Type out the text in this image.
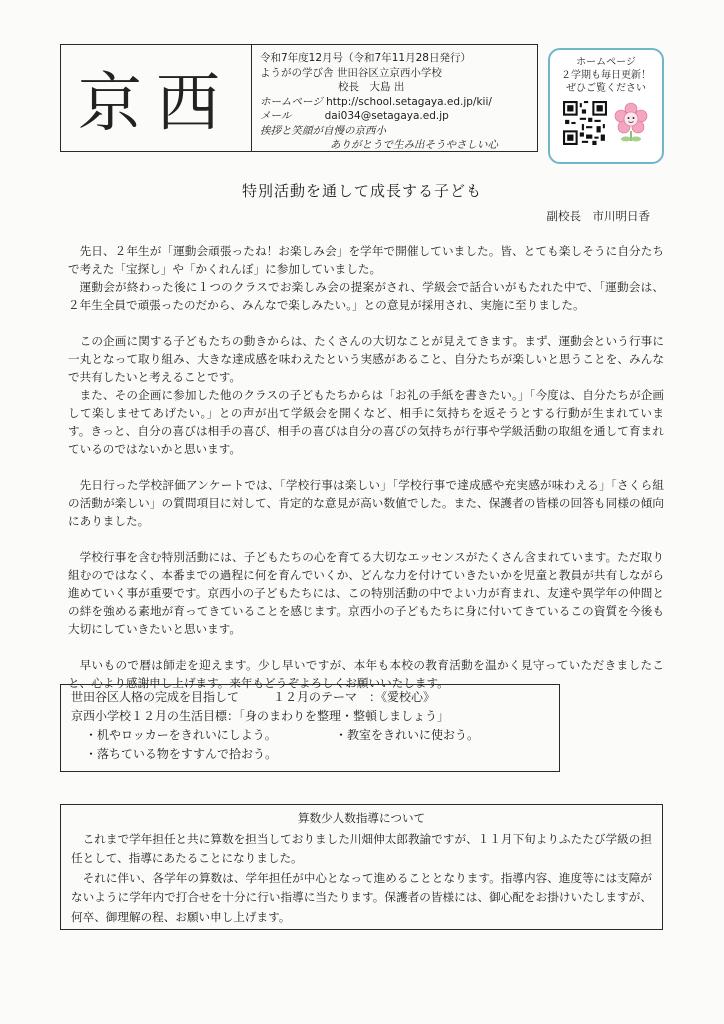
京西
令和7年度12月号（令和7年11月28日発行）
ようがの学び舎 世田谷区立京西小学校
校長　大島 出
ホームページ http://school.setagaya.ed.jp/kii/
メール	dai034@setagaya.ed.jp
挨拶と笑顔が自慢の京西小
ありがとうで生み出そうやさしい心
ホームページ
２学期も毎日更新！
ぜひご覧ください
特別活動を通して成長する子ども
副校長　市川明日香

先日、２年生が「運動会頑張ったね！お楽しみ会」を学年で開催していました。皆、とても楽しそうに自分たちで考えた「宝探し」や「かくれんぼ」に参加していました。

運動会が終わった後に１つのクラスでお楽しみ会の提案がされ、学級会で話合いがもたれた中で、「運動会は、２年生全員で頑張ったのだから、みんなで楽しみたい。」との意見が採用され、実施に至りました。

この企画に関する子どもたちの動きからは、たくさんの大切なことが見えてきます。まず、運動会という行事に一丸となって取り組み、大きな達成感を味わえたという実感があること、自分たちが楽しいと思うことを、みんなで共有したいと考えることです。

また、その企画に参加した他のクラスの子どもたちからは「お礼の手紙を書きたい。」「今度は、自分たちが企画して楽しませてあげたい。」との声が出て学級会を開くなど、相手に気持ちを返そうとする行動が生まれています。きっと、自分の喜びは相手の喜び、相手の喜びは自分の喜びの気持ちが行事や学級活動の取組を通して育まれているのではないかと思います。

先日行った学校評価アンケートでは、「学校行事は楽しい」「学校行事で達成感や充実感が味わえる」「さくら組の活動が楽しい」の質問項目に対して、肯定的な意見が高い数値でした。また、保護者の皆様の回答も同様の傾向にありました。

学校行事を含む特別活動には、子どもたちの心を育てる大切なエッセンスがたくさん含まれています。ただ取り組むのではなく、本番までの過程に何を育んでいくか、どんな力を付けていきたいかを児童と教員が共有しながら進めていく事が重要です。京西小の子どもたちには、この特別活動の中でよい力が育まれ、友達や異学年の仲間との絆を強める素地が育ってきていることを感じます。京西小の子どもたちに身に付いてきているこの資質を今後も大切にしていきたいと思います。

早いもので暦は師走を迎えます。少し早いですが、本年も本校の教育活動を温かく見守っていただきましたこと、心より感謝申し上げます。来年もどうぞよろしくお願いいたします。

世田谷区人格の完成を目指して	１２月のテーマ　：《愛校心》
京西小学校１２月の生活目標：「身のまわりを整理・整頓しましょう」
・机やロッカーをきれいにしよう。	・教室をきれいに使おう。
・落ちている物をすすんで拾おう。
算数少人数指導について

これまで学年担任と共に算数を担当しておりました川畑伸太郎教諭ですが、１１月下旬よりふたたび学級の担任として、指導にあたることになりました。

それに伴い、各学年の算数は、学年担任が中心となって進めることとなります。指導内容、進度等には支障がないように学年内で打合せを十分に行い指導に当たります。保護者の皆様には、御心配をお掛けいたしますが、何卒、御理解の程、お願い申し上げます。
